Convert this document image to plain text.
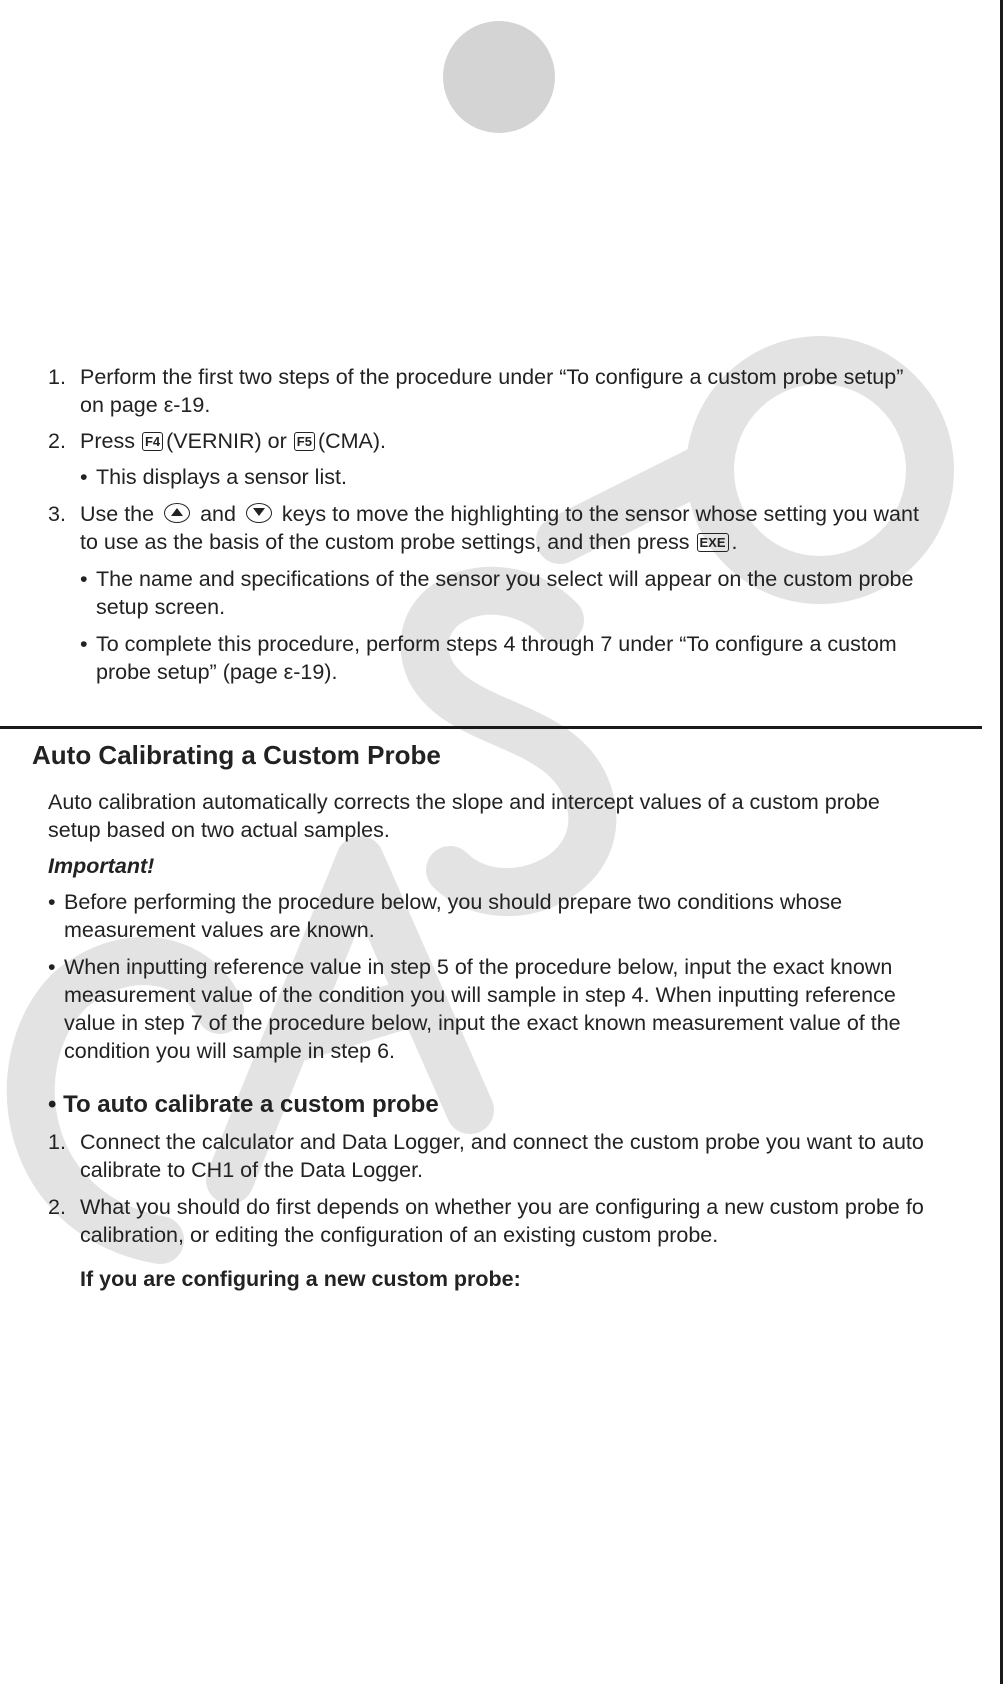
1. Perform the first two steps of the procedure under “To configure a custom probe setup”
on page ε-19.
2. Press F4 (VERNIR) or F5 (CMA).
• This displays a sensor list.
3. Use the and keys to move the highlighting to the sensor whose setting you want
to use as the basis of the custom probe settings, and then press EXE .
• The name and specifications of the sensor you select will appear on the custom probe
setup screen.
• To complete this procedure, perform steps 4 through 7 under “To configure a custom
probe setup” (page ε-19).
Auto Calibrating a Custom Probe
Auto calibration automatically corrects the slope and intercept values of a custom probe
setup based on two actual samples.
Important!
• Before performing the procedure below, you should prepare two conditions whose
measurement values are known.
• When inputting reference value in step 5 of the procedure below, input the exact known
measurement value of the condition you will sample in step 4. When inputting reference
value in step 7 of the procedure below, input the exact known measurement value of the
condition you will sample in step 6.
• To auto calibrate a custom probe
1. Connect the calculator and Data Logger, and connect the custom probe you want to auto
calibrate to CH1 of the Data Logger.
2. What you should do first depends on whether you are configuring a new custom probe fo
calibration, or editing the configuration of an existing custom probe.
If you are configuring a new custom probe:
